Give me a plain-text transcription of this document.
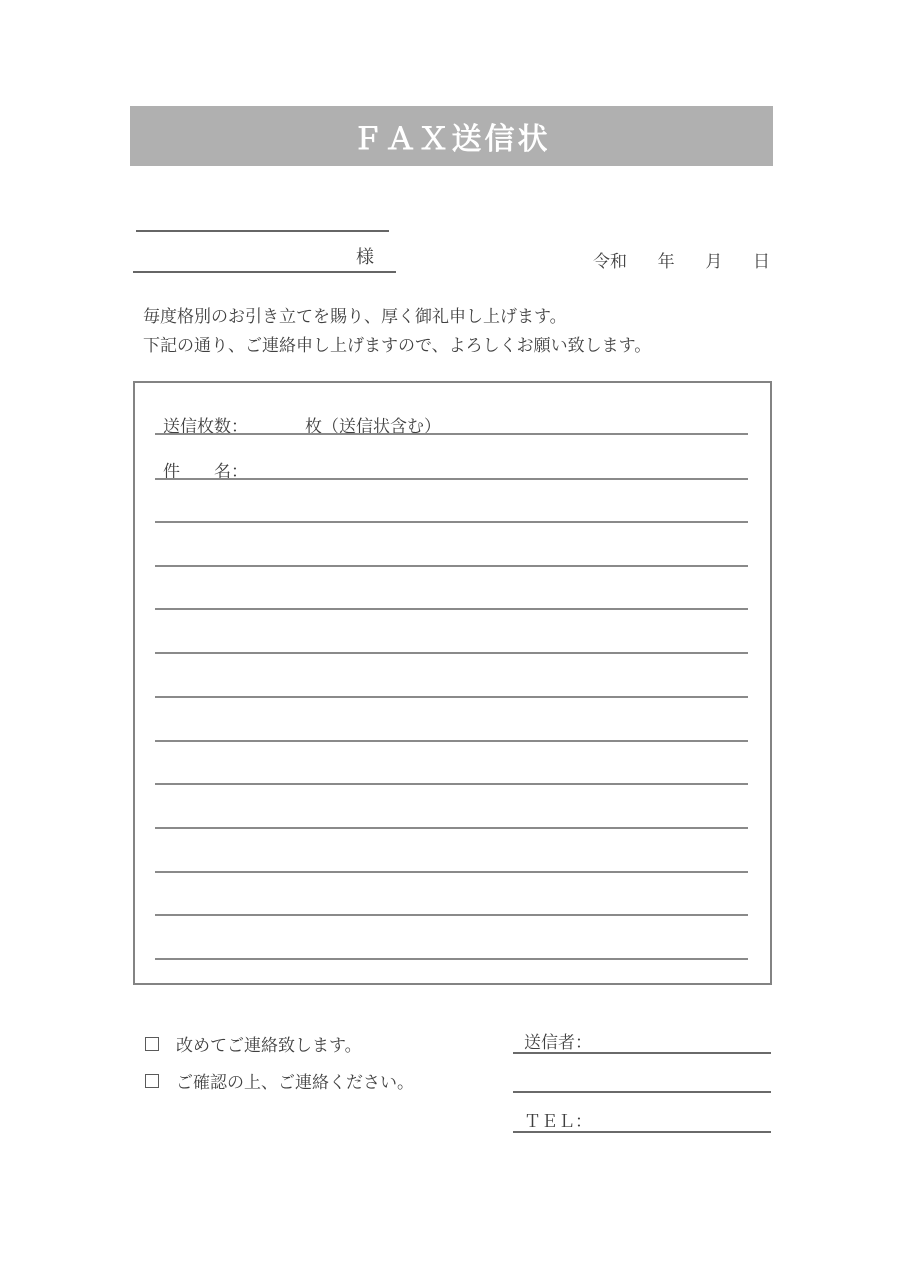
ＦＡＸ送信状
様	令和 年 月 日
毎度格別のお引き立てを賜り、厚く御礼申し上げます。
下記の通り、ご連絡申し上げますので、よろしくお願い致します。
送信枚数：	枚（送信状含む）
件　　名：
改めてご連絡致します。
ご確認の上、ご連絡ください。
送信者：
ＴＥＬ：
